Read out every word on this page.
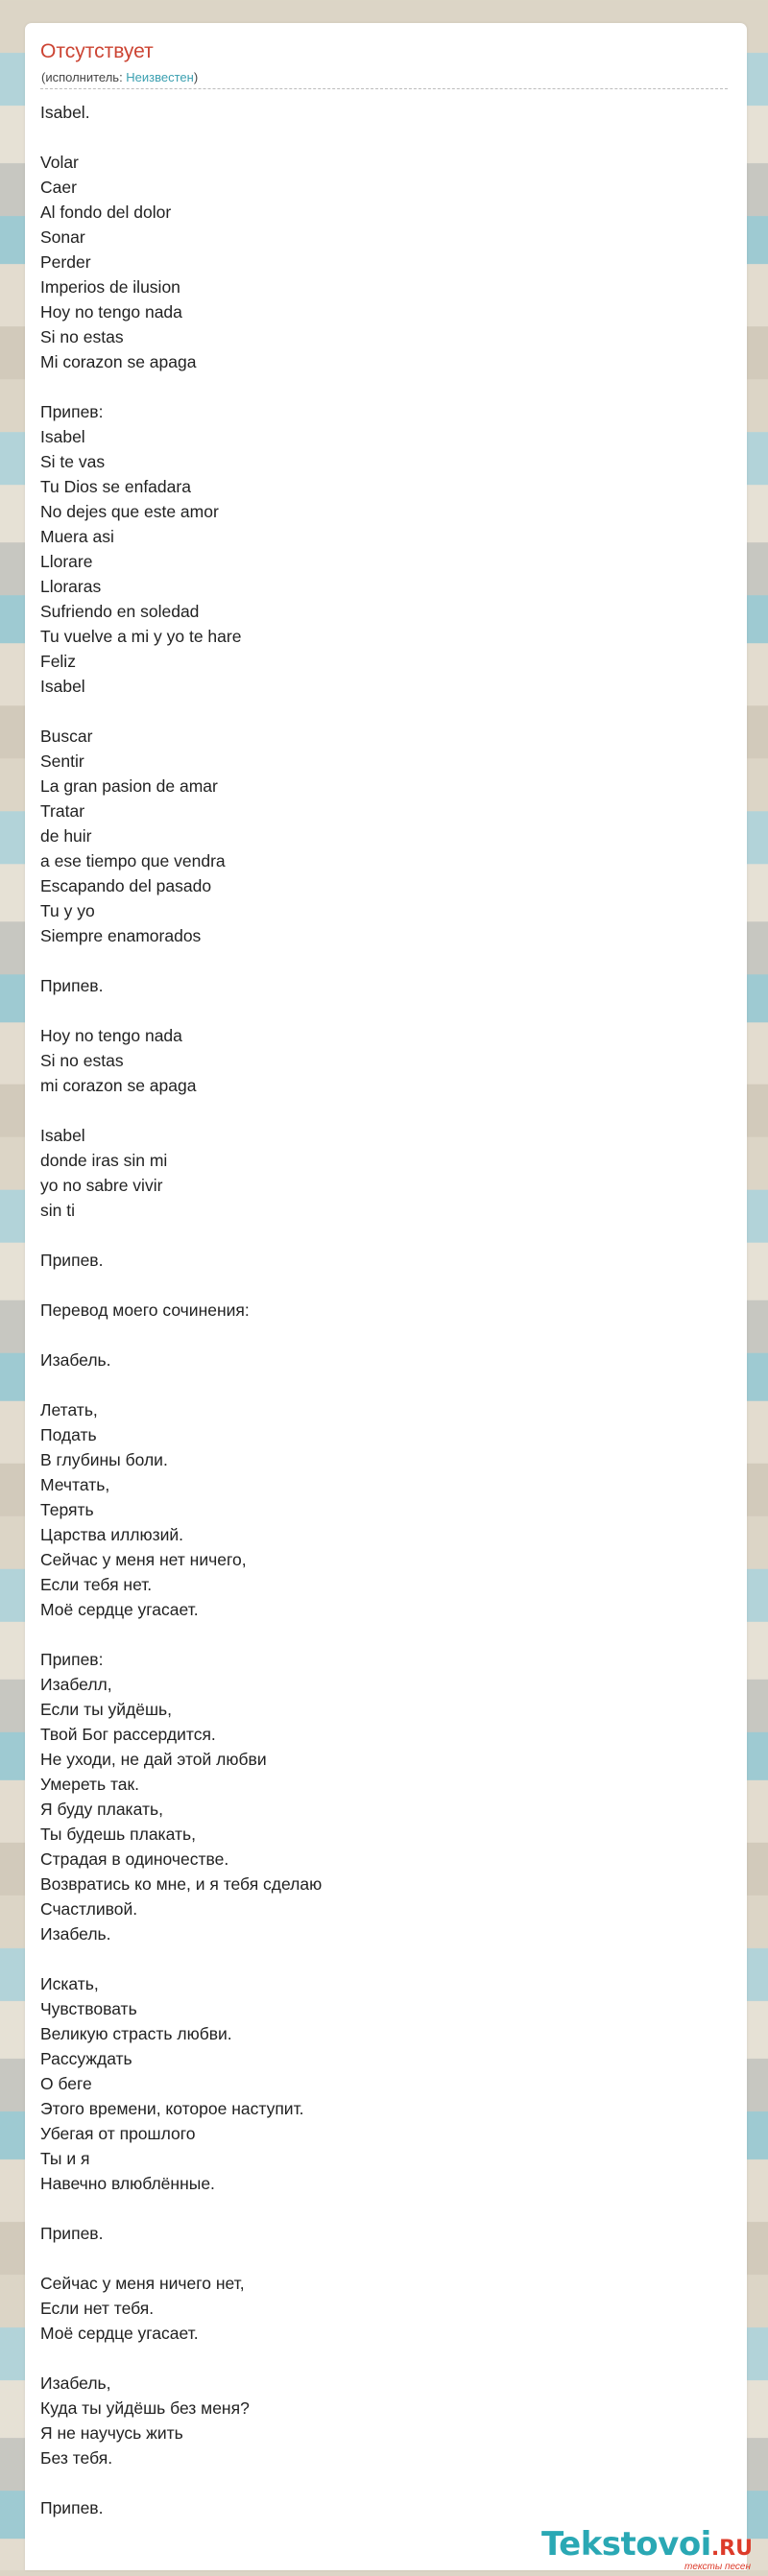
Отсутствует
(исполнитель: Неизвестен)
Isabel.
Volar
Caer
Al fondo del dolor
Sonar
Perder
Imperios de ilusion
Hoy no tengo nada
Si no estas
Mi corazon se apaga
Припев:
Isabel
Si te vas
Tu Dios se enfadara
No dejes que este amor
Muera asi
Llorare
Lloraras
Sufriendo en soledad
Tu vuelve a mi y yo te hare
Feliz
Isabel
Buscar
Sentir
La gran pasion de amar
Tratar
de huir
a ese tiempo que vendra
Escapando del pasado
Tu y yo
Siempre enamorados
Припев.
Hoy no tengo nada
Si no estas
mi corazon se apaga
Isabel
donde iras sin mi
yo no sabre vivir
sin ti
Припев.
Перевод моего сочинения:
Изабель.
Летать,
Подать
В глубины боли.
Мечтать,
Терять
Царства иллюзий.
Сейчас у меня нет ничего,
Если тебя нет.
Моё сердце угасает.
Припев:
Изабелл,
Если ты уйдёшь,
Твой Бог рассердится.
Не уходи, не дай этой любви
Умереть так.
Я буду плакать,
Ты будешь плакать,
Страдая в одиночестве.
Возвратись ко мне, и я тебя сделаю
Счастливой.
Изабель.
Искать,
Чувствовать
Великую страсть любви.
Рассуждать
О беге
Этого времени, которое наступит.
Убегая от прошлого
Ты и я
Навечно влюблённые.
Припев.
Сейчас у меня ничего нет,
Если нет тебя.
Моё сердце угасает.
Изабель,
Куда ты уйдёшь без меня?
Я не научусь жить
Без тебя.
Припев.
Tekstovoi.RU
тексты песен
